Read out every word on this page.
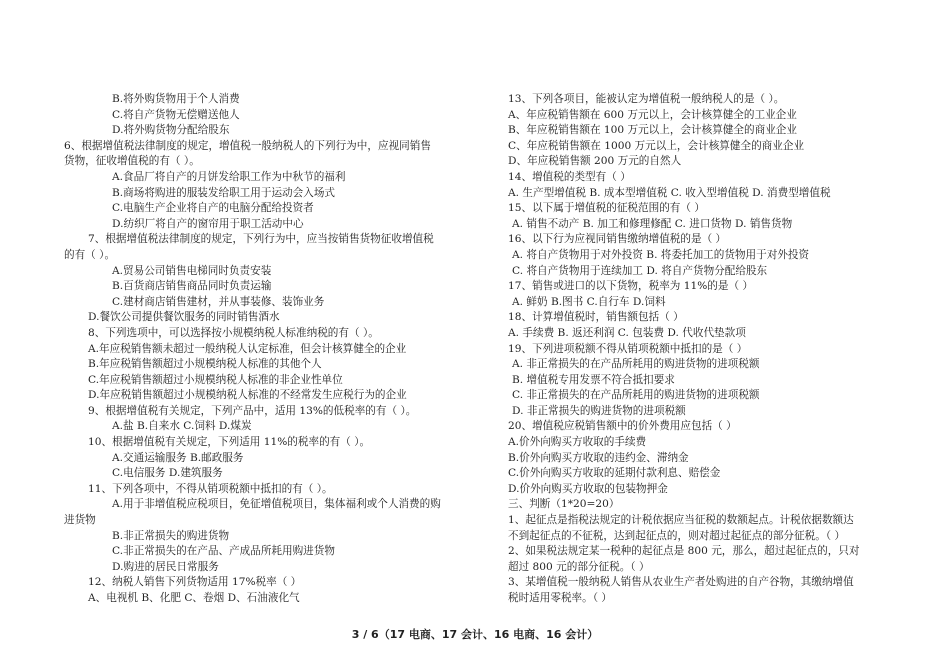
B.将外购货物用于个人消费
C.将自产货物无偿赠送他人
D.将外购货物分配给股东
6、根据增值税法律制度的规定，增值税一般纳税人的下列行为中，应视同销售
货物，征收增值税的有（ ）。
A.食品厂将自产的月饼发给职工作为中秋节的福利
B.商场将购进的服装发给职工用于运动会入场式
C.电脑生产企业将自产的电脑分配给投资者
D.纺织厂将自产的窗帘用于职工活动中心
7、根据增值税法律制度的规定，下列行为中，应当按销售货物征收增值税
的有（ ）。
A.贸易公司销售电梯同时负责安装
B.百货商店销售商品同时负责运输
C.建材商店销售建材，并从事装修、装饰业务
D.餐饮公司提供餐饮服务的同时销售酒水
8、下列选项中，可以选择按小规模纳税人标准纳税的有（ ）。
A.年应税销售额未超过一般纳税人认定标准，但会计核算健全的企业
B.年应税销售额超过小规模纳税人标准的其他个人
C.年应税销售额超过小规模纳税人标准的非企业性单位
D.年应税销售额超过小规模纳税人标准的不经常发生应税行为的企业
9、根据增值税有关规定，下列产品中，适用 13%的低税率的有（ ）。
A.盐 B.自来水 C.饲料 D.煤炭
10、根据增值税有关规定，下列适用 11%的税率的有（ ）。
A.交通运输服务 B.邮政服务
C.电信服务 D.建筑服务
11、下列各项中，不得从销项税额中抵扣的有（ ）。
A.用于非增值税应税项目，免征增值税项目，集体福利或个人消费的购
进货物
B.非正常损失的购进货物
C.非正常损失的在产品、产成品所耗用购进货物
D.购进的居民日常服务
12、纳税人销售下列货物适用 17%税率（ ）
A、电视机 B、化肥 C、卷烟 D、石油液化气
13、下列各项目，能被认定为增值税一般纳税人的是（ ）。
A、年应税销售额在 600 万元以上，会计核算健全的工业企业
B、年应税销售额在 100 万元以上，会计核算健全的商业企业
C、年应税销售额在 1000 万元以上，会计核算健全的商业企业
D、年应税销售额 200 万元的自然人
14、增值税的类型有（ ）
A. 生产型增值税 B. 成本型增值税 C. 收入型增值税 D. 消费型增值税
15、以下属于增值税的征税范围的有（ ）
A. 销售不动产 B. 加工和修理修配 C. 进口货物 D. 销售货物
16、以下行为应视同销售缴纳增值税的是（ ）
A. 将自产货物用于对外投资 B. 将委托加工的货物用于对外投资
C. 将自产货物用于连续加工 D. 将自产货物分配给股东
17、销售或进口的以下货物，税率为 11%的是（ ）
A. 鲜奶 B.图书 C.自行车 D.饲料
18、计算增值税时，销售额包括（ ）
A. 手续费 B. 返还利润 C. 包装费 D. 代收代垫款项
19、下列进项税额不得从销项税额中抵扣的是（ ）
A. 非正常损失的在产品所耗用的购进货物的进项税额
B. 增值税专用发票不符合抵扣要求
C. 非正常损失的在产品所耗用的购进货物的进项税额
D. 非正常损失的购进货物的进项税额
20、增值税应税销售额中的价外费用应包括（ ）
A.价外向购买方收取的手续费
B.价外向购买方收取的违约金、滞纳金
C.价外向购买方收取的延期付款利息、赔偿金
D.价外向购买方收取的包装物押金
三、判断（1*20=20）
1、起征点是指税法规定的计税依据应当征税的数额起点。计税依据数额达
不到起征点的不征税，达到起征点的，则对超过起征点的部分征税。（ ）
2、如果税法规定某一税种的起征点是 800 元，那么，超过起征点的，只对
超过 800 元的部分征税。（ ）
3、某增值税一般纳税人销售从农业生产者处购进的自产谷物，其缴纳增值
税时适用零税率。（ ）
3 / 6（17 电商、17 会计、16 电商、16 会计）
